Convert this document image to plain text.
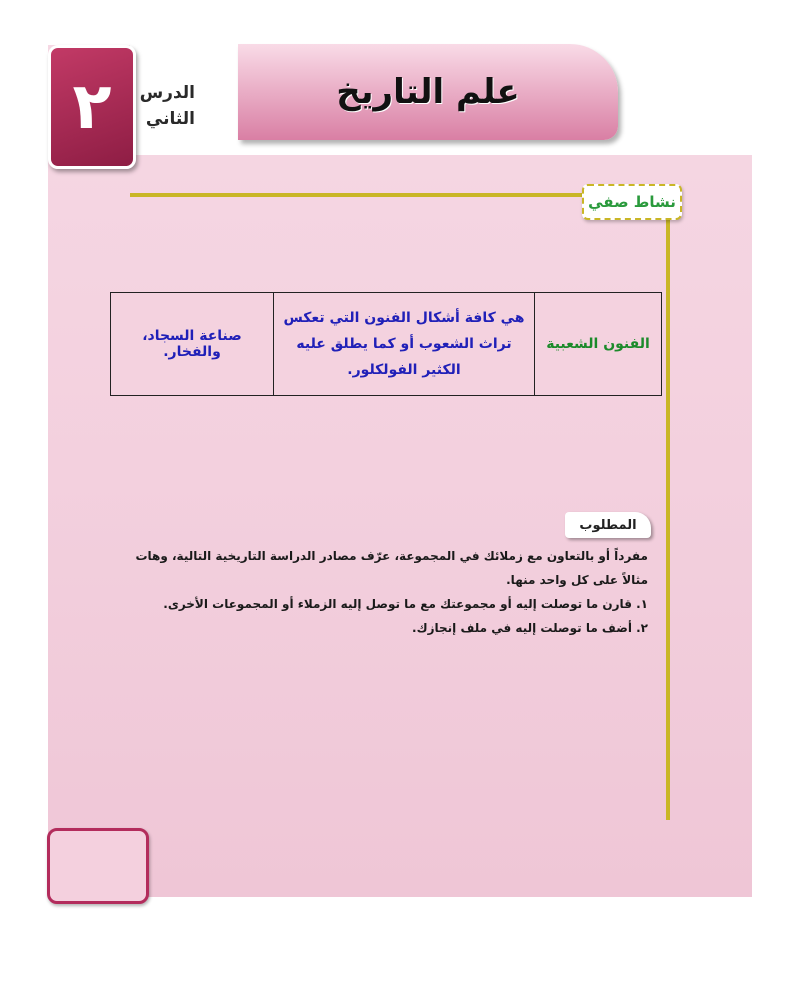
٢ الدرس
الثاني
علم التاريخ
نشاط صفي
الفنون الشعبية	هي كافة أشكال الفنون التي تعكس تراث الشعوب أو كما يطلق عليه الكثير الفولكلور.	صناعة السجاد، والفخار.
المطلوب

مفرداً أو بالتعاون مع زملائك في المجموعة، عرّف مصادر الدراسة التاريخية التالية، وهات مثالاً على كل واحد منها.

١. قارن ما توصلت إليه أو مجموعتك مع ما توصل إليه الزملاء أو المجموعات الأخرى.

٢. أضف ما توصلت إليه في ملف إنجازك.
